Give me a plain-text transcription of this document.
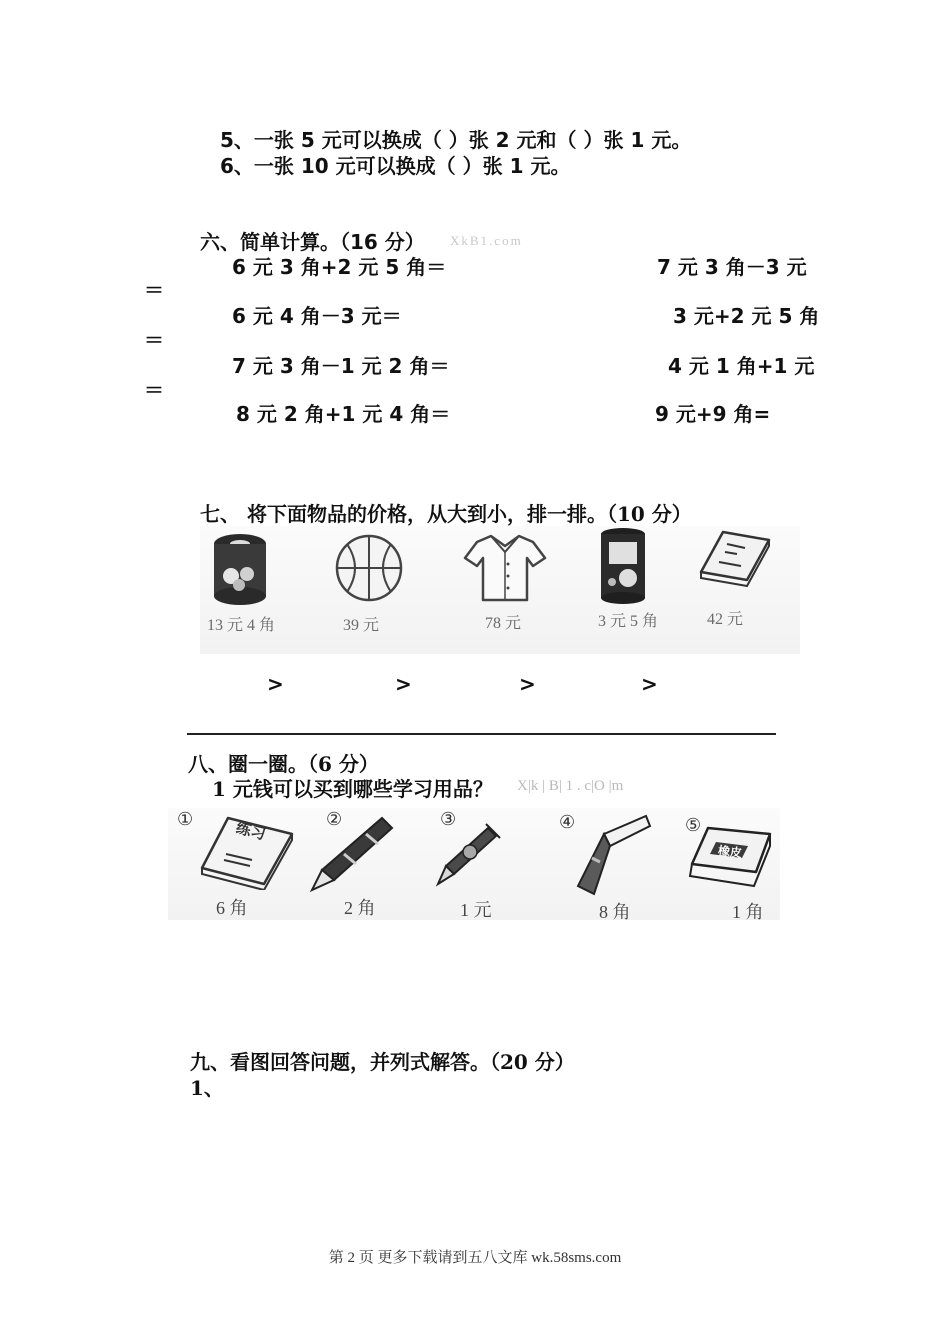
5、一张 5 元可以换成（ ）张 2 元和（ ）张 1 元。
6、一张 10 元可以换成（ ）张 1 元。
六、简单计算。（16 分） XkB1.com
6 元 3 角+2 元 5 角＝	7 元 3 角－3 元
＝
6 元 4 角－3 元＝	3 元+2 元 5 角
＝
7 元 3 角－1 元 2 角＝	4 元 1 角+1 元
＝
8 元 2 角+1 元 4 角＝	9 元+9 角=
七、 将下面物品的价格，从大到小，排一排。（10 分）
13 元 4 角	39 元	78 元	3 元 5 角	42 元
>	>	>	>
八、圈一圈。（6 分）
1 元钱可以买到哪些学习用品？ X|k | B| 1 . c|O |m
①	练习
6 角
②
2 角
③
1 元
④
8 角
⑤
橡皮
1 角
九、看图回答问题，并列式解答。（20 分）
1、
第 2 页 更多下载请到五八文库 wk.58sms.com
